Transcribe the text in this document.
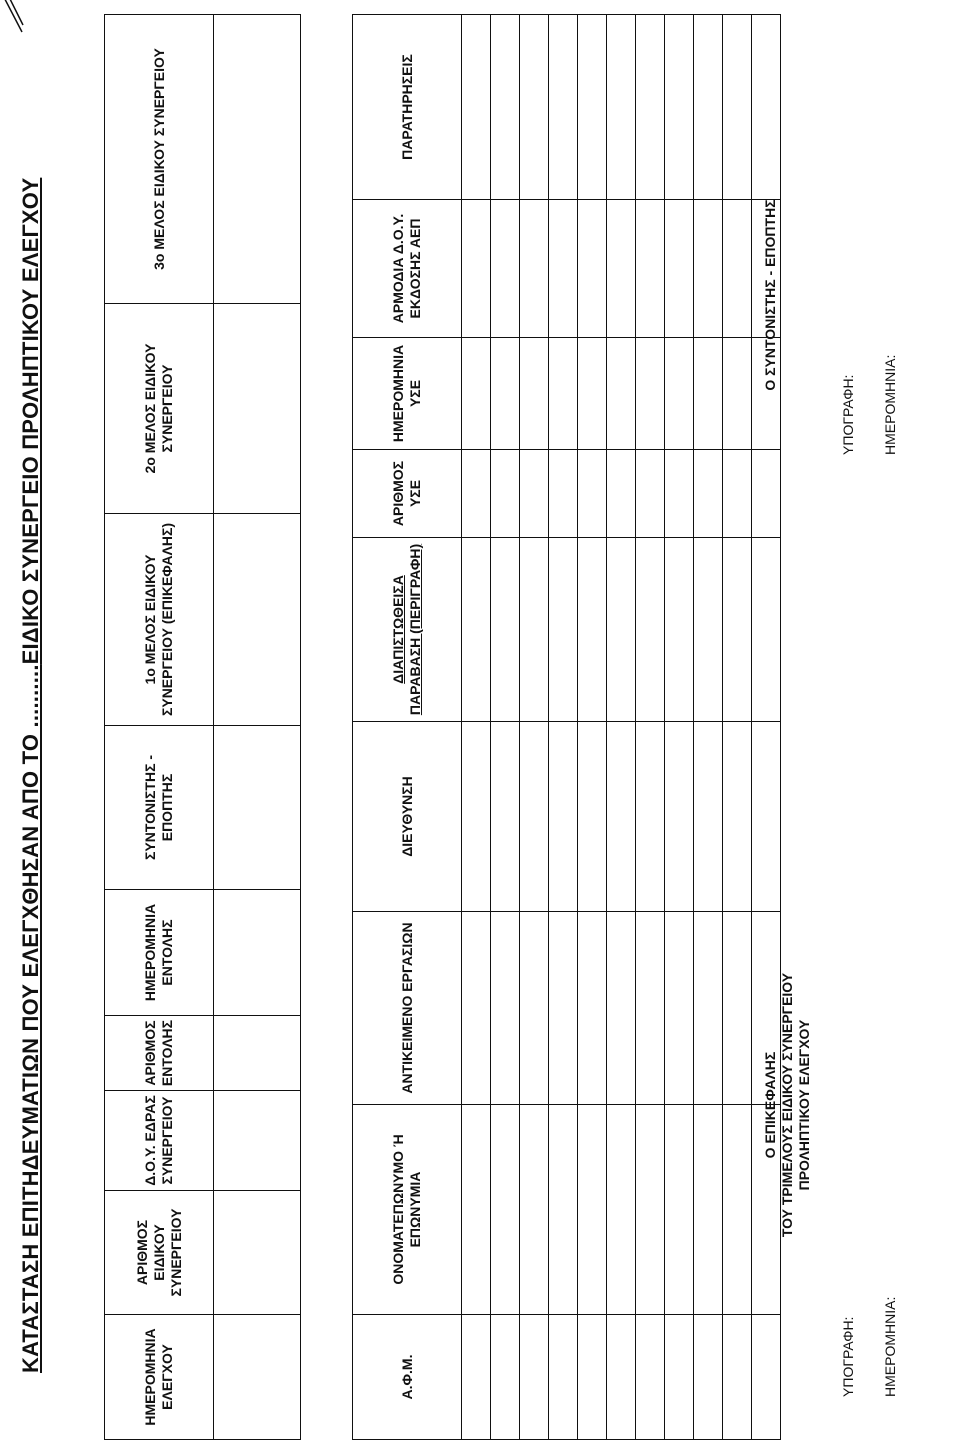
ΚΑΤΑΣΤΑΣΗ ΕΠΙΤΗΔΕΥΜΑΤΙΩΝ ΠΟΥ ΕΛΕΓΧΘΗΣΑΝ ΑΠΟ ΤΟ ..........ΕΙΔΙΚΟ ΣΥΝΕΡΓΕΙΟ ΠΡΟΛΗΠΤΙΚΟΥ ΕΛΕΓΧΟΥ
ΗΜΕΡΟΜΗΝΙΑ ΕΛΕΓΧΟΥ	ΑΡΙΘΜΟΣ ΕΙΔΙΚΟΥ ΣΥΝΕΡΓΕΙΟΥ	Δ.Ο.Υ. ΕΔΡΑΣ ΣΥΝΕΡΓΕΙΟΥ	ΑΡΙΘΜΟΣ ΕΝΤΟΛΗΣ	ΗΜΕΡΟΜΗΝΙΑ ΕΝΤΟΛΗΣ	ΣΥΝΤΟΝΙΣΤΗΣ - ΕΠΟΠΤΗΣ	1ο ΜΕΛΟΣ ΕΙΔΙΚΟΥ ΣΥΝΕΡΓΕΙΟΥ (ΕΠΙΚΕΦΑΛΗΣ)	2ο ΜΕΛΟΣ ΕΙΔΙΚΟΥ ΣΥΝΕΡΓΕΙΟΥ	3ο ΜΕΛΟΣ ΕΙΔΙΚΟΥ ΣΥΝΕΡΓΕΙΟΥ

Α.Φ.Μ.	ΟΝΟΜΑΤΕΠΩΝΥΜΟ Ή ΕΠΩΝΥΜΙΑ	ΑΝΤΙΚΕΙΜΕΝΟ ΕΡΓΑΣΙΩΝ	ΔΙΕΥΘΥΝΣΗ	ΔΙΑΠΙΣΤΩΘΕΙΣΑ ΠΑΡΑΒΑΣΗ (ΠΕΡΙΓΡΑΦΗ)	ΑΡΙΘΜΟΣ ΥΣΕ	ΗΜΕΡΟΜΗΝΙΑ ΥΣΕ	ΑΡΜΟΔΙΑ Δ.Ο.Υ. ΕΚΔΟΣΗΣ ΑΕΠ	ΠΑΡΑΤΗΡΗΣΕΙΣ

Ο ΕΠΙΚΕΦΑΛΗΣ ΤΟΥ ΤΡΙΜΕΛΟΥΣ ΕΙΔΙΚΟΥ ΣΥΝΕΡΓΕΙΟΥ ΠΡΟΛΗΠΤΙΚΟΥ ΕΛΕΓΧΟΥ
Ο ΣΥΝΤΟΝΙΣΤΗΣ - ΕΠΟΠΤΗΣ
ΥΠΟΓΡΑΦΗ: ΗΜΕΡΟΜΗΝΙΑ:
ΥΠΟΓΡΑΦΗ: ΗΜΕΡΟΜΗΝΙΑ:
